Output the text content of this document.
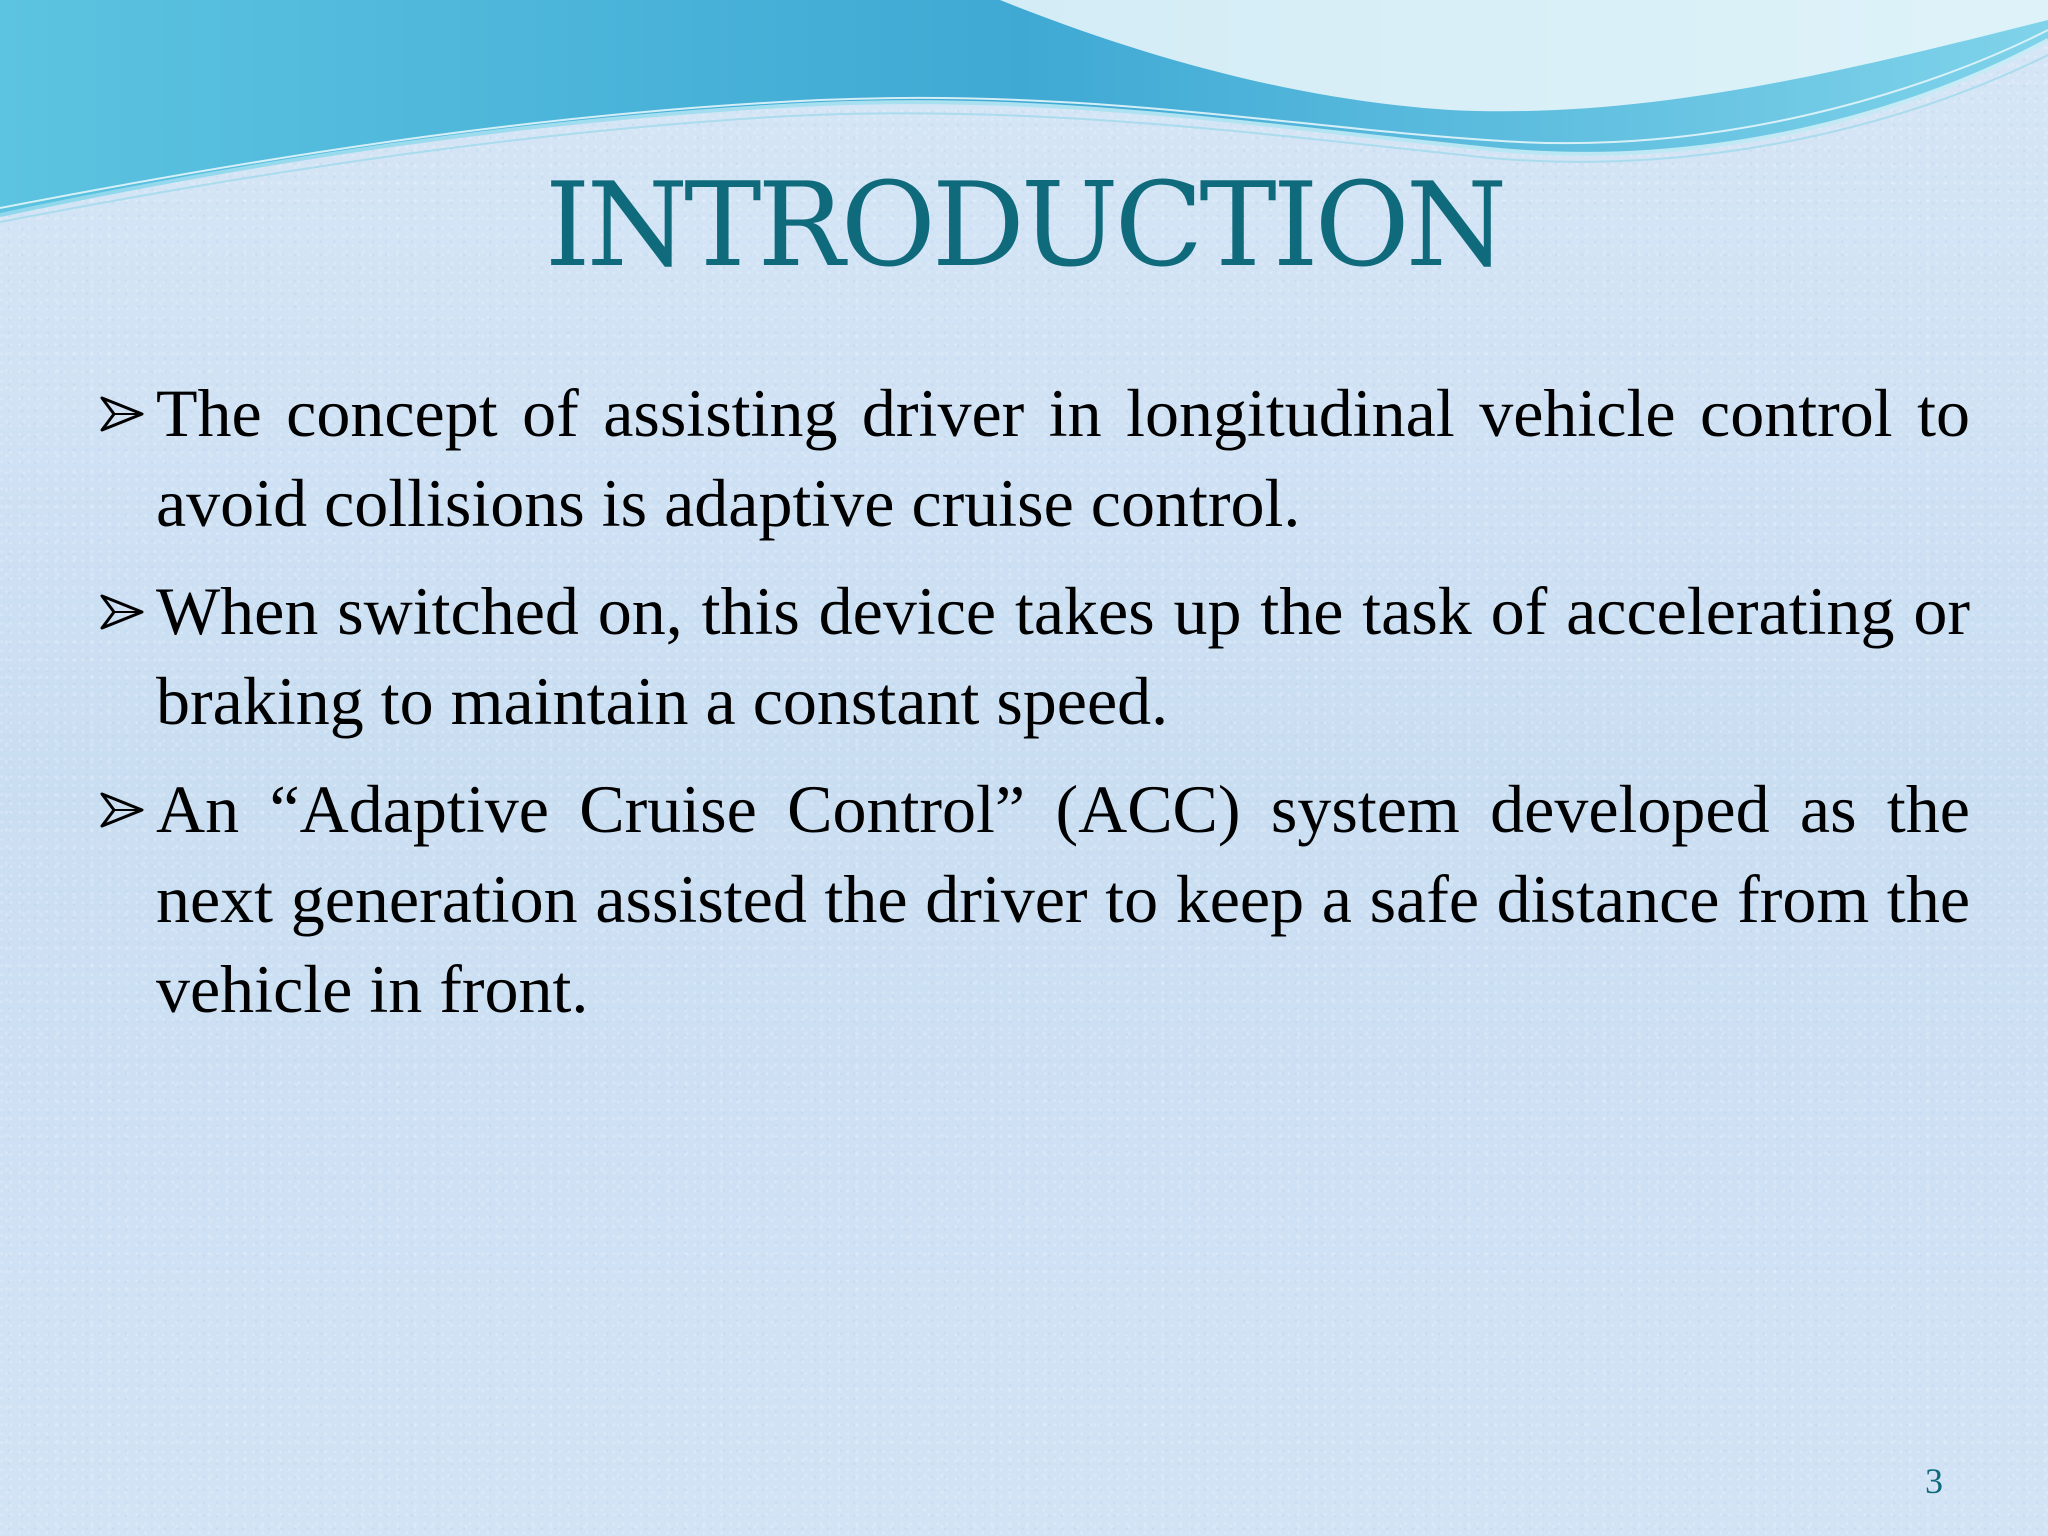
INTRODUCTION
The concept of assisting driver in longitudinal vehicle control to avoid collisions is adaptive cruise control.
When switched on, this device takes up the task of accelerating or braking to maintain a constant speed.
An “Adaptive Cruise Control” (ACC) system developed as the next generation assisted the driver to keep a safe distance from the vehicle in front.
3
